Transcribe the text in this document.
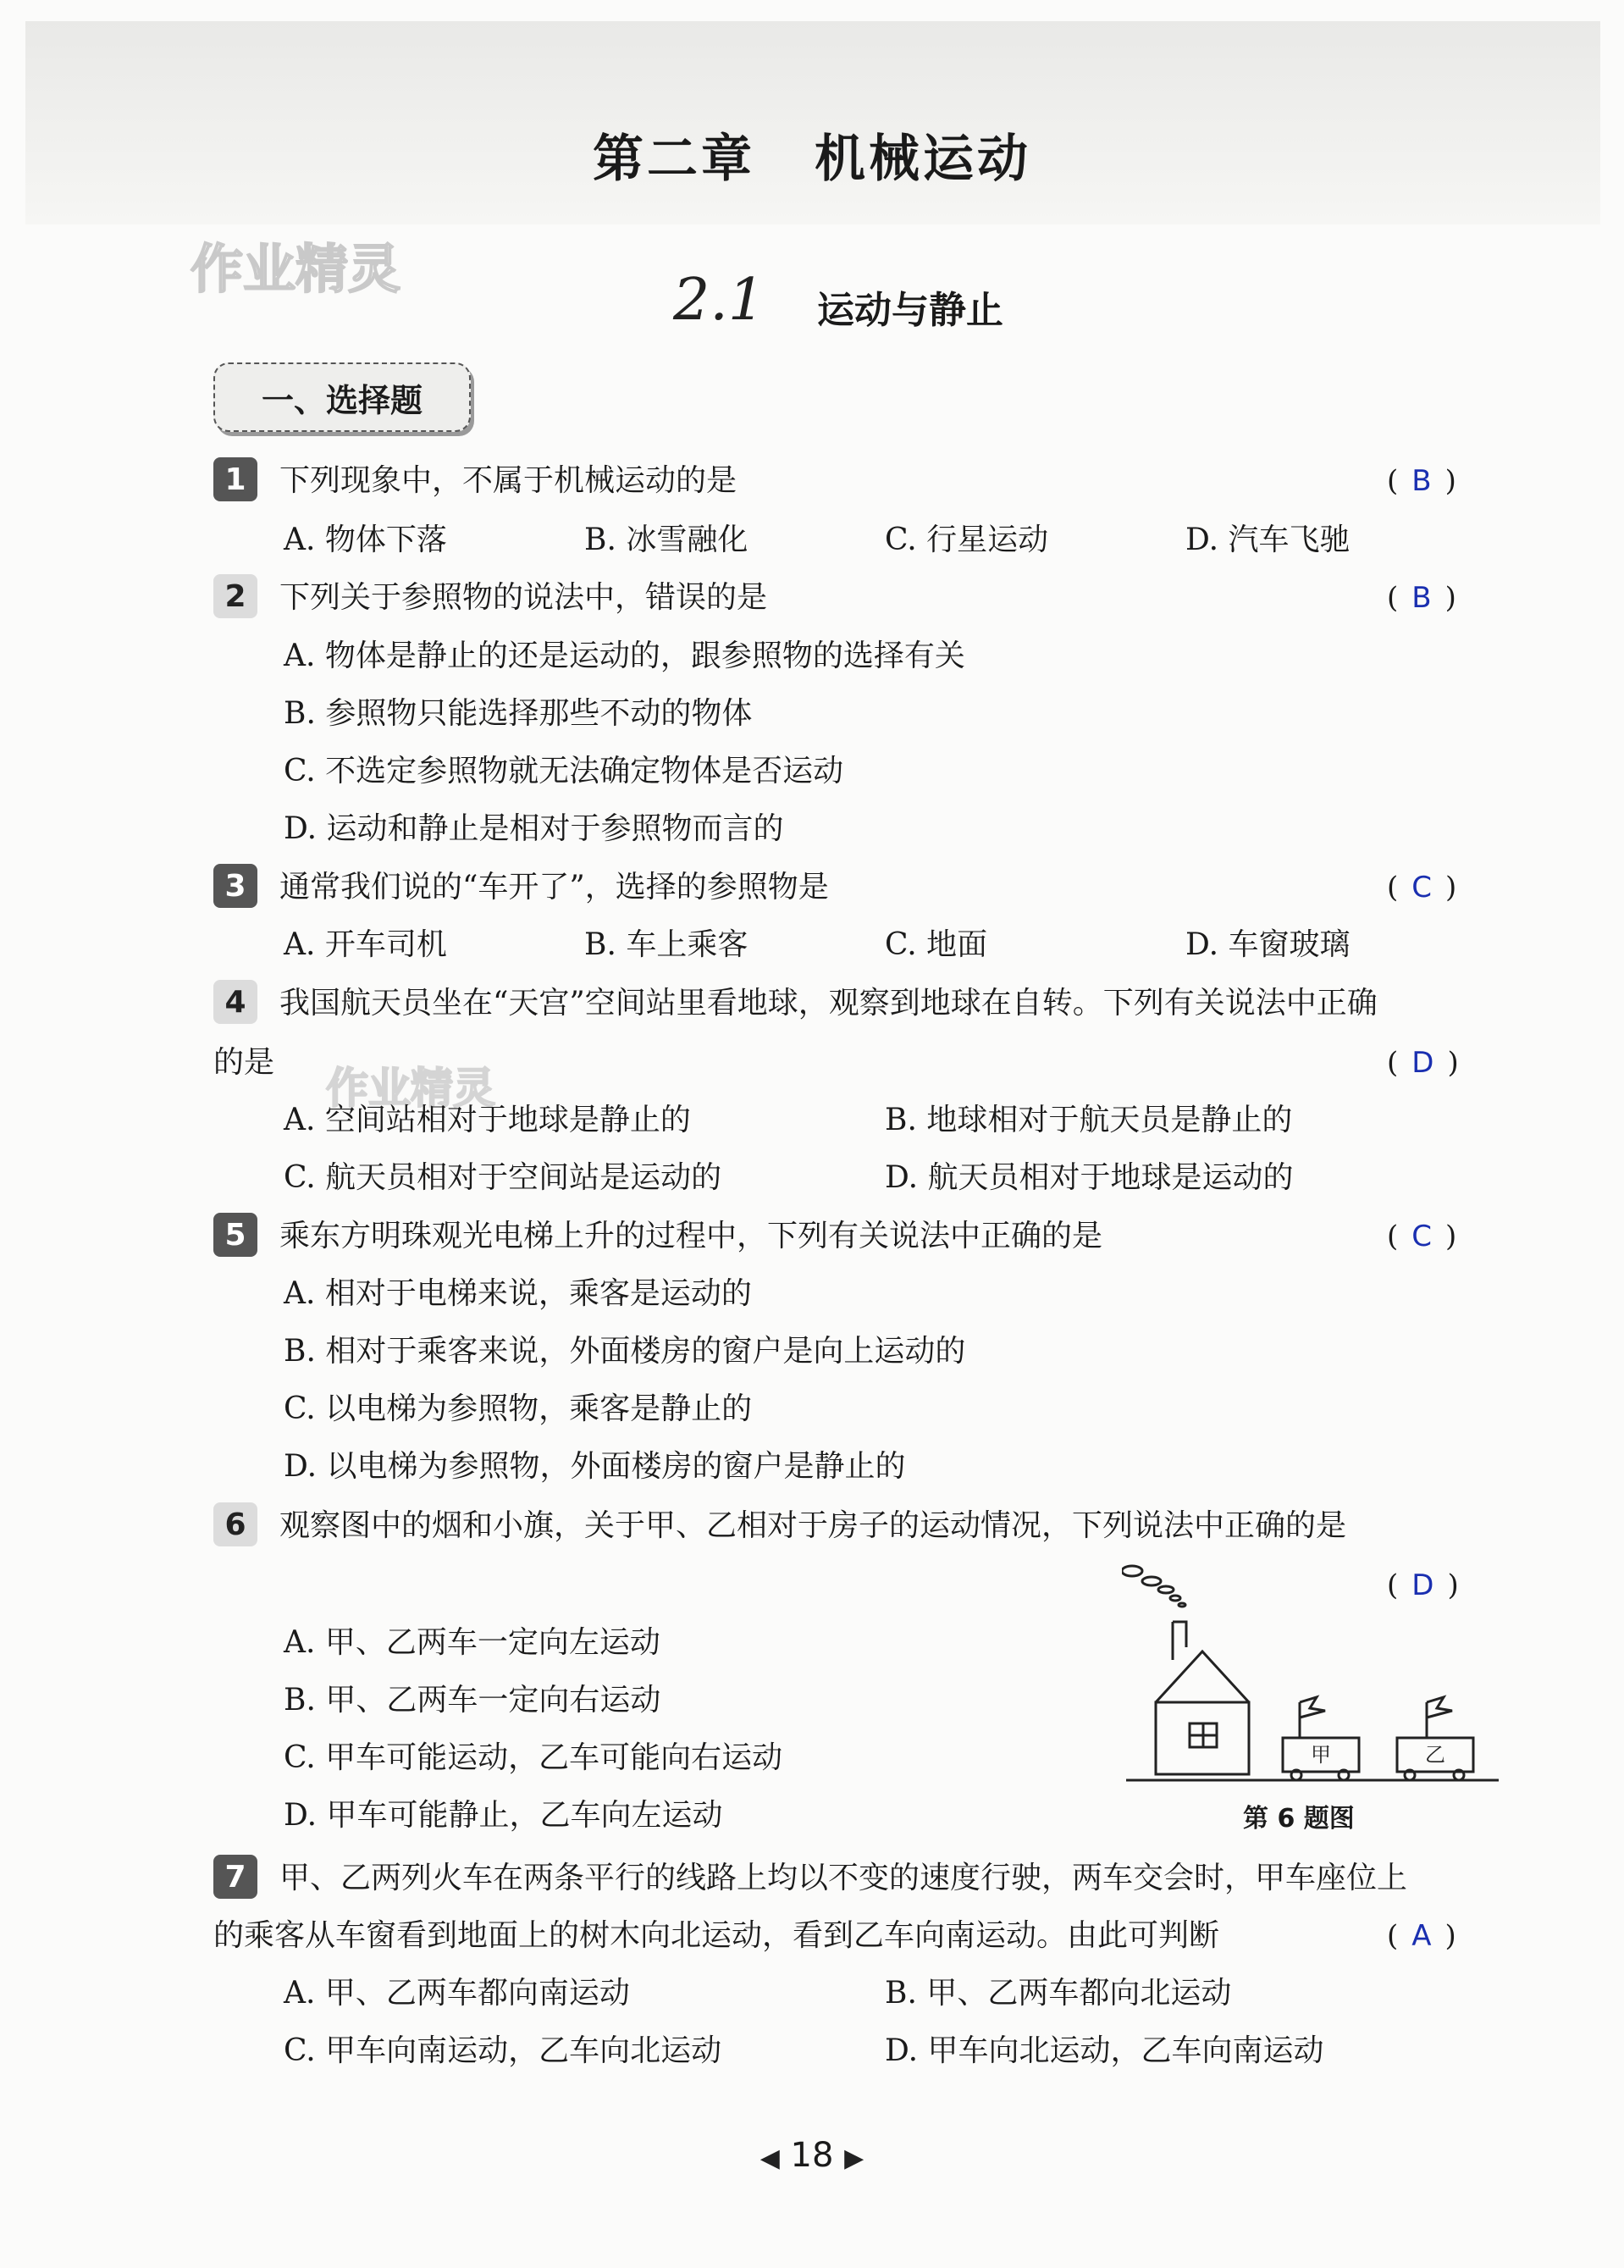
第二章 机械运动
作业精灵
作业精灵
2.1 运动与静止
一、选择题
1	下列现象中，不属于机械运动的是	( B )
A. 物体下落	B. 冰雪融化	C. 行星运动	D. 汽车飞驰
2	下列关于参照物的说法中，错误的是	( B )
A. 物体是静止的还是运动的，跟参照物的选择有关
B. 参照物只能选择那些不动的物体
C. 不选定参照物就无法确定物体是否运动
D. 运动和静止是相对于参照物而言的
3	通常我们说的“车开了”，选择的参照物是	( C )
A. 开车司机	B. 车上乘客	C. 地面	D. 车窗玻璃
4	我国航天员坐在“天宫”空间站里看地球，观察到地球在自转。下列有关说法中正确
的是	( D )
A. 空间站相对于地球是静止的	B. 地球相对于航天员是静止的
C. 航天员相对于空间站是运动的	D. 航天员相对于地球是运动的
5	乘东方明珠观光电梯上升的过程中，下列有关说法中正确的是	( C )
A. 相对于电梯来说，乘客是运动的
B. 相对于乘客来说，外面楼房的窗户是向上运动的
C. 以电梯为参照物，乘客是静止的
D. 以电梯为参照物，外面楼房的窗户是静止的
6	观察图中的烟和小旗，关于甲、乙相对于房子的运动情况，下列说法中正确的是
( D )
A. 甲、乙两车一定向左运动
B. 甲、乙两车一定向右运动
C. 甲车可能运动，乙车可能向右运动
D. 甲车可能静止，乙车向左运动
甲	乙
第 6 题图
7	甲、乙两列火车在两条平行的线路上均以不变的速度行驶，两车交会时，甲车座位上
的乘客从车窗看到地面上的树木向北运动，看到乙车向南运动。由此可判断	( A )
A. 甲、乙两车都向南运动	B. 甲、乙两车都向北运动
C. 甲车向南运动，乙车向北运动	D. 甲车向北运动，乙车向南运动
◀ 18 ▶
